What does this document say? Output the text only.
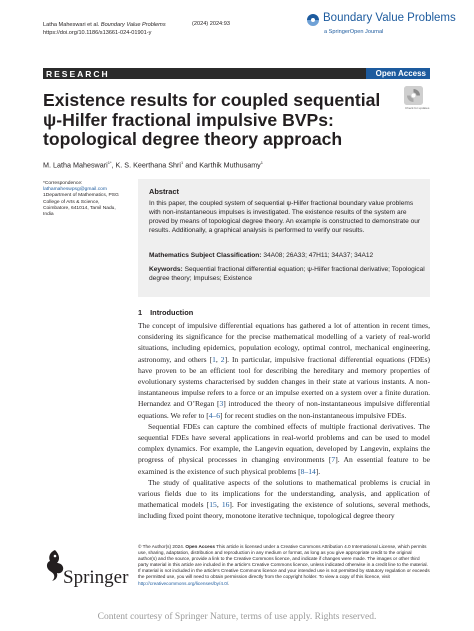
Latha Maheswari et al. Boundary Value Problems
https://doi.org/10.1186/s13661-024-01901-y
(2024) 2024:93	Boundary Value Problems
a SpringerOpen Journal
RESEARCH	Open Access
Check for updates
Existence results for coupled sequential ψ-Hilfer fractional impulsive BVPs: topological degree theory approach
M. Latha Maheswari$^{1*}$, K. S. Keerthana Shri$^1$ and Karthik Muthusamy$^1$
*Correspondence:
lathamaheswpsg@gmail.com
1Department of Mathematics, PSG College of Arts & Science, Coimbatore, 641014, Tamil Nadu, India
Abstract
In this paper, the coupled system of sequential ψ-Hilfer fractional boundary value problems with non-instantaneous impulses is investigated. The existence results of the system are proved by means of topological degree theory. An example is constructed to demonstrate our results. Additionally, a graphical analysis is performed to verify our results.
Mathematics Subject Classification: 34A08; 26A33; 47H11; 34A37; 34A12
Keywords: Sequential fractional differential equation; ψ-Hilfer fractional derivative; Topological degree theory; Impulses; Existence
1 Introduction

The concept of impulsive differential equations has gathered a lot of attention in recent times, considering its significance for the precise mathematical modelling of a variety of real-world situations, including epidemics, population ecology, optimal control, mechanical engineering, astronomy, and others [1, 2]. In particular, impulsive fractional differential equations (FDEs) have proven to be an efficient tool for describing the hereditary and memory properties of evolutionary systems characterised by sudden changes in their state at various instants. A non-instantaneous impulse refers to a force or an impulse exerted on a system over a finite duration. Hernandez and O’Regan [3] introduced the theory of non-instantaneous impulsive differential equations. We refer to [4–6] for recent studies on the non-instantaneous impulsive FDEs.

Sequential FDEs can capture the combined effects of multiple fractional derivatives. The sequential FDEs have several applications in real-world problems and can be used to model complex dynamics. For example, the Langevin equation, developed by Langevin, explains the progress of physical processes in changing environments [7]. An essential feature to be examined is the existence of such physical problems [8–14].

The study of qualitative aspects of the solutions to mathematical problems is crucial in various fields due to its implications for the understanding, analysis, and application of mathematical models [15, 16]. For investigating the existence of solutions, several methods, including fixed point theory, monotone iterative technique, topological degree theory

Springer
© The Author(s) 2024. Open Access This article is licensed under a Creative Commons Attribution 4.0 International License, which permits use, sharing, adaptation, distribution and reproduction in any medium or format, as long as you give appropriate credit to the original author(s) and the source, provide a link to the Creative Commons licence, and indicate if changes were made. The images or other third party material in this article are included in the article’s Creative Commons licence, unless indicated otherwise in a credit line to the material. If material is not included in the article’s Creative Commons licence and your intended use is not permitted by statutory regulation or exceeds the permitted use, you will need to obtain permission directly from the copyright holder. To view a copy of this licence, visit http://creativecommons.org/licenses/by/4.0/.
Content courtesy of Springer Nature, terms of use apply. Rights reserved.
